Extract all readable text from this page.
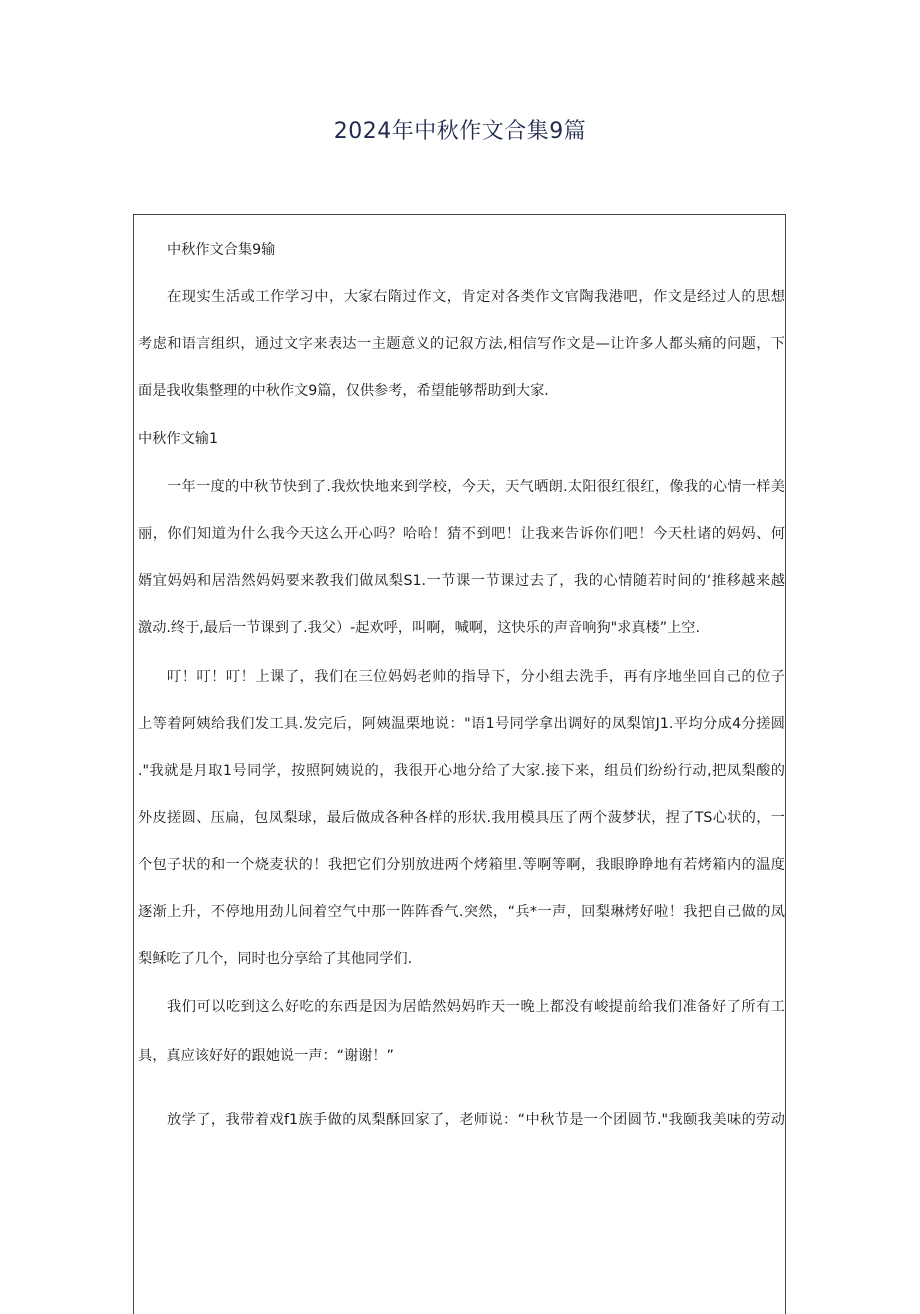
2024年中秋作文合集9篇
中秋作文合集9输
在现实生活或工作学习中，大家右隋过作文，肯定对各类作文官陶我港吧，作文是经过人的思想
考虑和语言组织，通过文字来表达一主题意义的记叙方法,相信写作文是—让许多人都头痛的问题，下
面是我收集整理的中秋作文9篇，仅供参考，希望能够帮助到大家.
中秋作文输1
一年一度的中秋节快到了.我炊快地来到学校，今天，天气晒朗.太阳很红很红，像我的心情一样美
丽，你们知道为什么我今天这么开心吗？哈哈！猜不到吧！让我来告诉你们吧！今天杜诸的妈妈、何
婿宜妈妈和居浩然妈妈要来教我们做凤梨S1.一节课一节课过去了，我的心情随若时间的‘推移越来越
激动.终于,最后一节课到了.我父）-起欢呼，叫啊，喊啊，这快乐的声音响狗"求真楼”上空.
叮！叮！叮！上课了，我们在三位妈妈老帅的指导下，分小组去洗手，再有序地坐回自己的位子
上等着阿姨给我们发工具.发完后，阿姨温栗地说："语1号同学拿出调好的凤梨馆J1.平均分成4分搓圆
."我就是月取1号同学，按照阿姨说的，我很开心地分给了大家.接下来，组员们纷纷行动,把凤梨酸的
外皮搓圆、压扁，包凤梨球，最后做成各种各样的形状.我用模具压了两个菠梦状，捏了TS心状的，一
个包子状的和一个烧麦状的！我把它们分别放进两个烤箱里.等啊等啊，我眼睁睁地有若烤箱内的温度
逐渐上升，不停地用劲儿间着空气中那一阵阵香气.突然，“兵*一声，回梨琳烤好啦！我把自己做的凤
梨稣吃了几个，同时也分享给了其他同学们.
我们可以吃到这么好吃的东西是因为居皓然妈妈昨天一晚上都没有峻提前给我们准备好了所有工
具，真应该好好的跟她说一声：“谢谢！”
放学了，我带着戏f1族手做的凤梨酥回家了，老师说：“中秋节是一个团圆节."我颐我美味的劳动
